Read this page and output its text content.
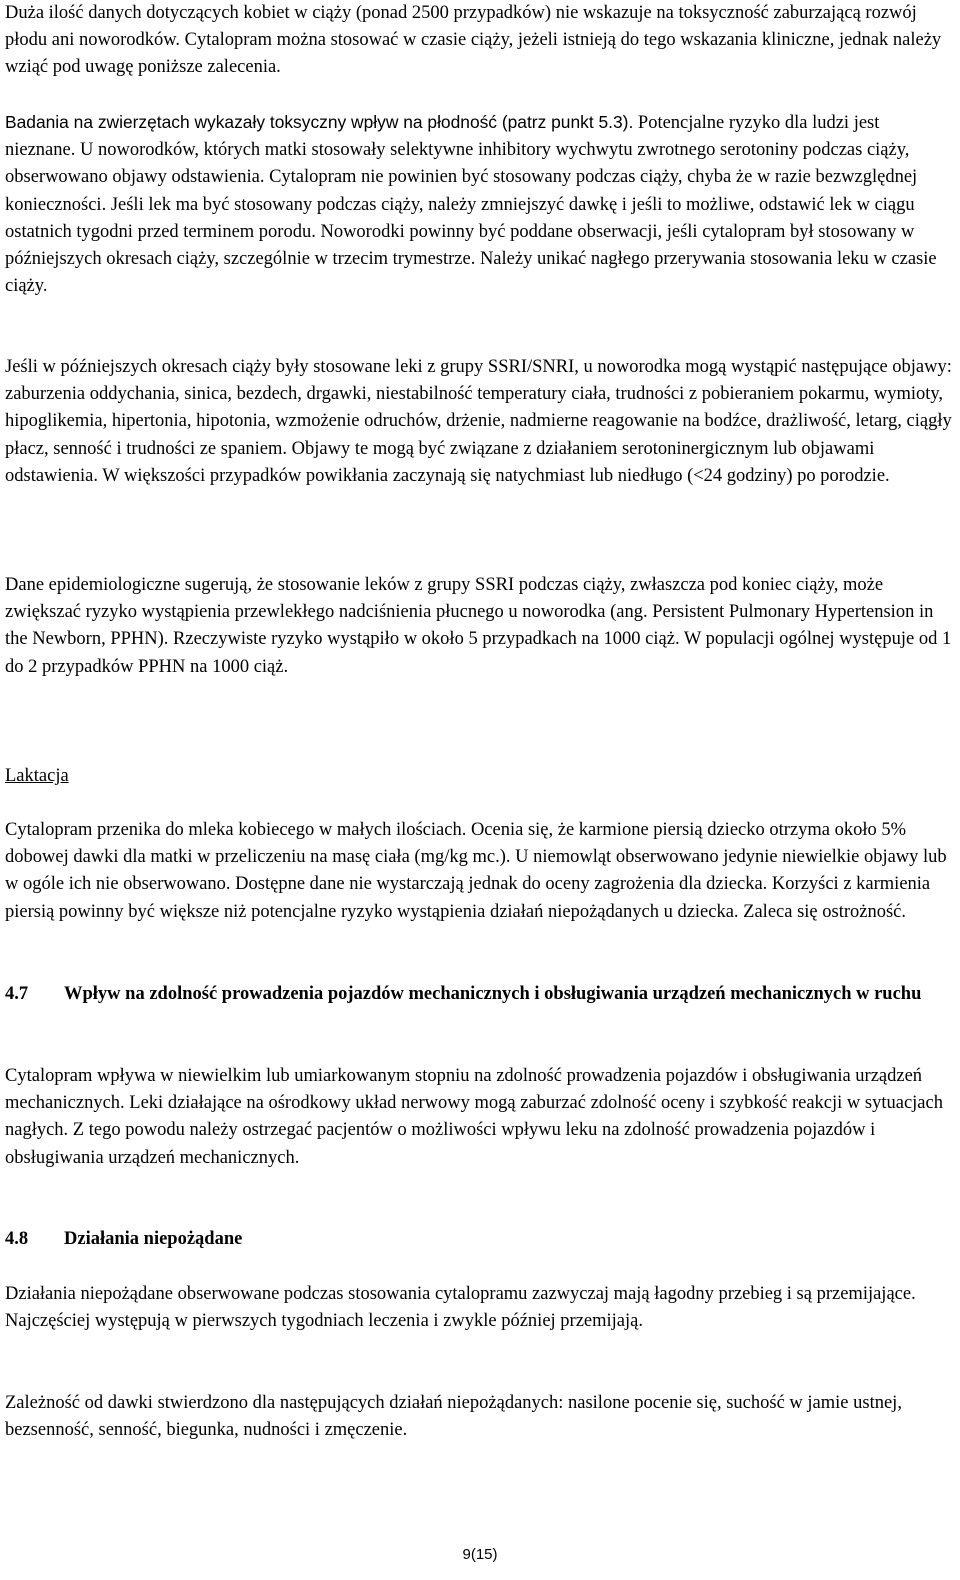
Duża ilość danych dotyczących kobiet w ciąży (ponad 2500 przypadków) nie wskazuje na toksyczność zaburzającą rozwój płodu ani noworodków. Cytalopram można stosować w czasie ciąży, jeżeli istnieją do tego wskazania kliniczne, jednak należy wziąć pod uwagę poniższe zalecenia.

Badania na zwierzętach wykazały toksyczny wpływ na płodność (patrz punkt 5.3). Potencjalne ryzyko dla ludzi jest nieznane. U noworodków, których matki stosowały selektywne inhibitory wychwytu zwrotnego serotoniny podczas ciąży, obserwowano objawy odstawienia. Cytalopram nie powinien być stosowany podczas ciąży, chyba że w razie bezwzględnej konieczności. Jeśli lek ma być stosowany podczas ciąży, należy zmniejszyć dawkę i jeśli to możliwe, odstawić lek w ciągu ostatnich tygodni przed terminem porodu. Noworodki powinny być poddane obserwacji, jeśli cytalopram był stosowany w późniejszych okresach ciąży, szczególnie w trzecim trymestrze. Należy unikać nagłego przerywania stosowania leku w czasie ciąży.

Jeśli w późniejszych okresach ciąży były stosowane leki z grupy SSRI/SNRI, u noworodka mogą wystąpić następujące objawy: zaburzenia oddychania, sinica, bezdech, drgawki, niestabilność temperatury ciała, trudności z pobieraniem pokarmu, wymioty, hipoglikemia, hipertonia, hipotonia, wzmożenie odruchów, drżenie, nadmierne reagowanie na bodźce, drażliwość, letarg, ciągły płacz, senność i trudności ze spaniem. Objawy te mogą być związane z działaniem serotoninergicznym lub objawami odstawienia. W większości przypadków powikłania zaczynają się natychmiast lub niedługo (<24 godziny) po porodzie.

Dane epidemiologiczne sugerują, że stosowanie leków z grupy SSRI podczas ciąży, zwłaszcza pod koniec ciąży, może zwiększać ryzyko wystąpienia przewlekłego nadciśnienia płucnego u noworodka (ang. Persistent Pulmonary Hypertension in the Newborn, PPHN). Rzeczywiste ryzyko wystąpiło w około 5 przypadkach na 1000 ciąż. W populacji ogólnej występuje od 1 do 2 przypadków PPHN na 1000 ciąż.

Laktacja

Cytalopram przenika do mleka kobiecego w małych ilościach. Ocenia się, że karmione piersią dziecko otrzyma około 5% dobowej dawki dla matki w przeliczeniu na masę ciała (mg/kg mc.). U niemowląt obserwowano jedynie niewielkie objawy lub w ogóle ich nie obserwowano. Dostępne dane nie wystarczają jednak do oceny zagrożenia dla dziecka. Korzyści z karmienia piersią powinny być większe niż potencjalne ryzyko wystąpienia działań niepożądanych u dziecka. Zaleca się ostrożność.

4.7 Wpływ na zdolność prowadzenia pojazdów mechanicznych i obsługiwania urządzeń mechanicznych w ruchu

Cytalopram wpływa w niewielkim lub umiarkowanym stopniu na zdolność prowadzenia pojazdów i obsługiwania urządzeń mechanicznych. Leki działające na ośrodkowy układ nerwowy mogą zaburzać zdolność oceny i szybkość reakcji w sytuacjach nagłych. Z tego powodu należy ostrzegać pacjentów o możliwości wpływu leku na zdolność prowadzenia pojazdów i obsługiwania urządzeń mechanicznych.

4.8 Działania niepożądane

Działania niepożądane obserwowane podczas stosowania cytalopramu zazwyczaj mają łagodny przebieg i są przemijające. Najczęściej występują w pierwszych tygodniach leczenia i zwykle później przemijają.

Zależność od dawki stwierdzono dla następujących działań niepożądanych: nasilone pocenie się, suchość w jamie ustnej, bezsenność, senność, biegunka, nudności i zmęczenie.

9(15)
